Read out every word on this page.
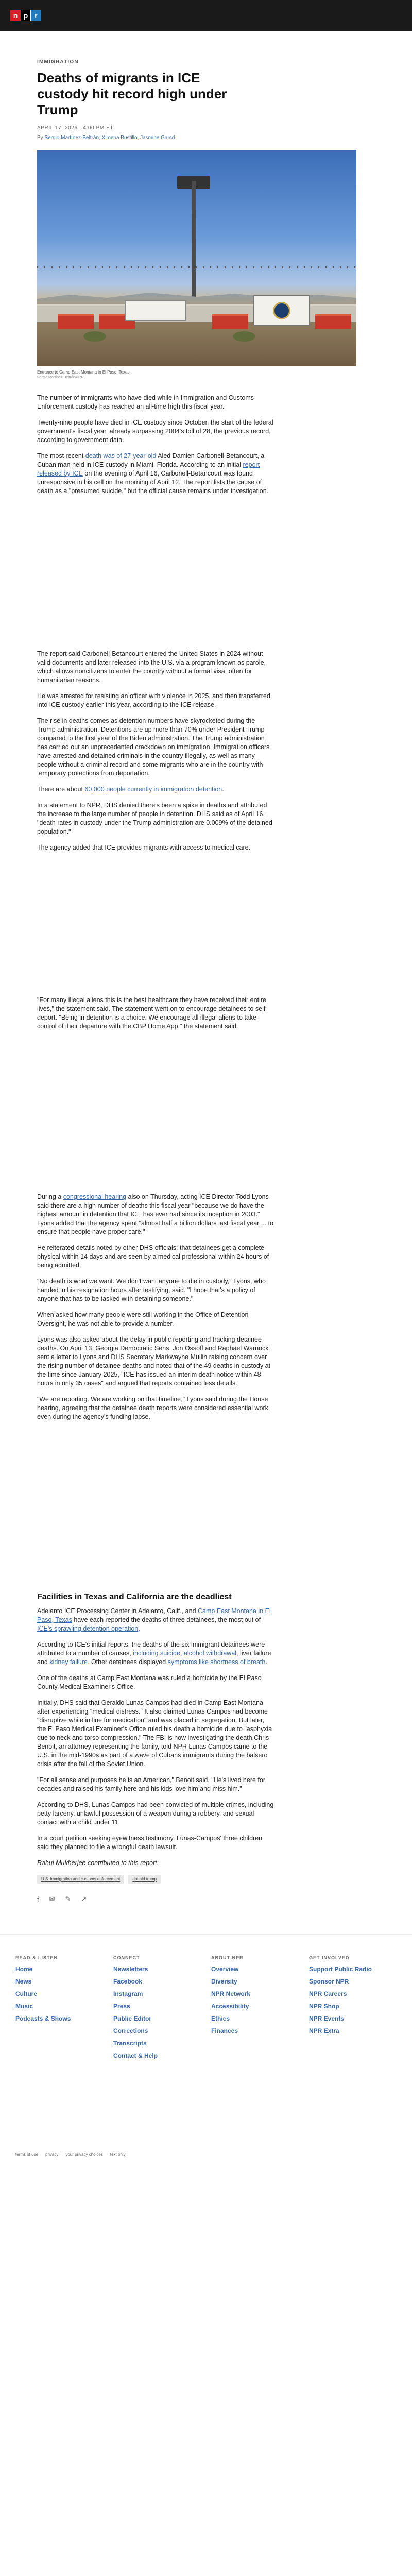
n p r
IMMIGRATION
Deaths of migrants in ICE custody hit record high under Trump
APRIL 17, 2026 · 4:00 PM ET
By Sergio Martínez-Beltrán, Ximena Bustillo, Jasmine Garsd
Entrance to Camp East Montana in El Paso, Texas.
Sergio Martínez-Beltrán/NPR

The number of immigrants who have died while in Immigration and Customs Enforcement custody has reached an all-time high this fiscal year.

Twenty-nine people have died in ICE custody since October, the start of the federal government's fiscal year, already surpassing 2004's toll of 28, the previous record, according to government data.

The most recent death was of 27-year-old Aled Damien Carbonell-Betancourt, a Cuban man held in ICE custody in Miami, Florida. According to an initial report released by ICE on the evening of April 16, Carbonell-Betancourt was found unresponsive in his cell on the morning of April 12. The report lists the cause of death as a "presumed suicide," but the official cause remains under investigation.

The report said Carbonell-Betancourt entered the United States in 2024 without valid documents and later released into the U.S. via a program known as parole, which allows noncitizens to enter the country without a formal visa, often for humanitarian reasons.

He was arrested for resisting an officer with violence in 2025, and then transferred into ICE custody earlier this year, according to the ICE release.

The rise in deaths comes as detention numbers have skyrocketed during the Trump administration. Detentions are up more than 70% under President Trump compared to the first year of the Biden administration. The Trump administration has carried out an unprecedented crackdown on immigration. Immigration officers have arrested and detained criminals in the country illegally, as well as many people without a criminal record and some migrants who are in the country with temporary protections from deportation.

There are about 60,000 people currently in immigration detention.

In a statement to NPR, DHS denied there's been a spike in deaths and attributed the increase to the large number of people in detention. DHS said as of April 16, "death rates in custody under the Trump administration are 0.009% of the detained population."

The agency added that ICE provides migrants with access to medical care.

"For many illegal aliens this is the best healthcare they have received their entire lives," the statement said. The statement went on to encourage detainees to self-deport. "Being in detention is a choice. We encourage all illegal aliens to take control of their departure with the CBP Home App," the statement said.

During a congressional hearing also on Thursday, acting ICE Director Todd Lyons said there are a high number of deaths this fiscal year "because we do have the highest amount in detention that ICE has ever had since its inception in 2003." Lyons added that the agency spent "almost half a billion dollars last fiscal year ... to ensure that people have proper care."

He reiterated details noted by other DHS officials: that detainees get a complete physical within 14 days and are seen by a medical professional within 24 hours of being admitted.

"No death is what we want. We don't want anyone to die in custody," Lyons, who handed in his resignation hours after testifying, said. "I hope that's a policy of anyone that has to be tasked with detaining someone."

When asked how many people were still working in the Office of Detention Oversight, he was not able to provide a number.

Lyons was also asked about the delay in public reporting and tracking detainee deaths. On April 13, Georgia Democratic Sens. Jon Ossoff and Raphael Warnock sent a letter to Lyons and DHS Secretary Markwayne Mullin raising concern over the rising number of detainee deaths and noted that of the 49 deaths in custody at the time since January 2025, "ICE has issued an interim death notice within 48 hours in only 35 cases" and argued that reports contained less details.

"We are reporting. We are working on that timeline," Lyons said during the House hearing, agreeing that the detainee death reports were considered essential work even during the agency's funding lapse.

Facilities in Texas and California are the deadliest

Adelanto ICE Processing Center in Adelanto, Calif., and Camp East Montana in El Paso, Texas have each reported the deaths of three detainees, the most out of ICE's sprawling detention operation.

According to ICE's initial reports, the deaths of the six immigrant detainees were attributed to a number of causes, including suicide, alcohol withdrawal, liver failure and kidney failure. Other detainees displayed symptoms like shortness of breath.

One of the deaths at Camp East Montana was ruled a homicide by the El Paso County Medical Examiner's Office.

Initially, DHS said that Geraldo Lunas Campos had died in Camp East Montana after experiencing "medical distress." It also claimed Lunas Campos had become "disruptive while in line for medication" and was placed in segregation. But later, the El Paso Medical Examiner's Office ruled his death a homicide due to "asphyxia due to neck and torso compression." The FBI is now investigating the death.Chris Benoit, an attorney representing the family, told NPR Lunas Campos came to the U.S. in the mid-1990s as part of a wave of Cubans immigrants during the balsero crisis after the fall of the Soviet Union.

"For all sense and purposes he is an American," Benoit said. "He's lived here for decades and raised his family here and his kids love him and miss him."

According to DHS, Lunas Campos had been convicted of multiple crimes, including petty larceny, unlawful possession of a weapon during a robbery, and sexual contact with a child under 11.

In a court petition seeking eyewitness testimony, Lunas-Campos' three children said they planned to file a wrongful death lawsuit.

Rahul Mukherjee contributed to this report.

U.S. immigration and customs enforcement	donald trump
f ✉ ✎ ↗
READ & LISTEN
Home
News
Culture
Music
Podcasts & Shows
CONNECT
Newsletters
Facebook
Instagram
Press
Public Editor
Corrections
Transcripts
Contact & Help
ABOUT NPR
Overview
Diversity
NPR Network
Accessibility
Ethics
Finances
GET INVOLVED
Support Public Radio
Sponsor NPR
NPR Careers
NPR Shop
NPR Events
NPR Extra
terms of use privacy your privacy choices text only
